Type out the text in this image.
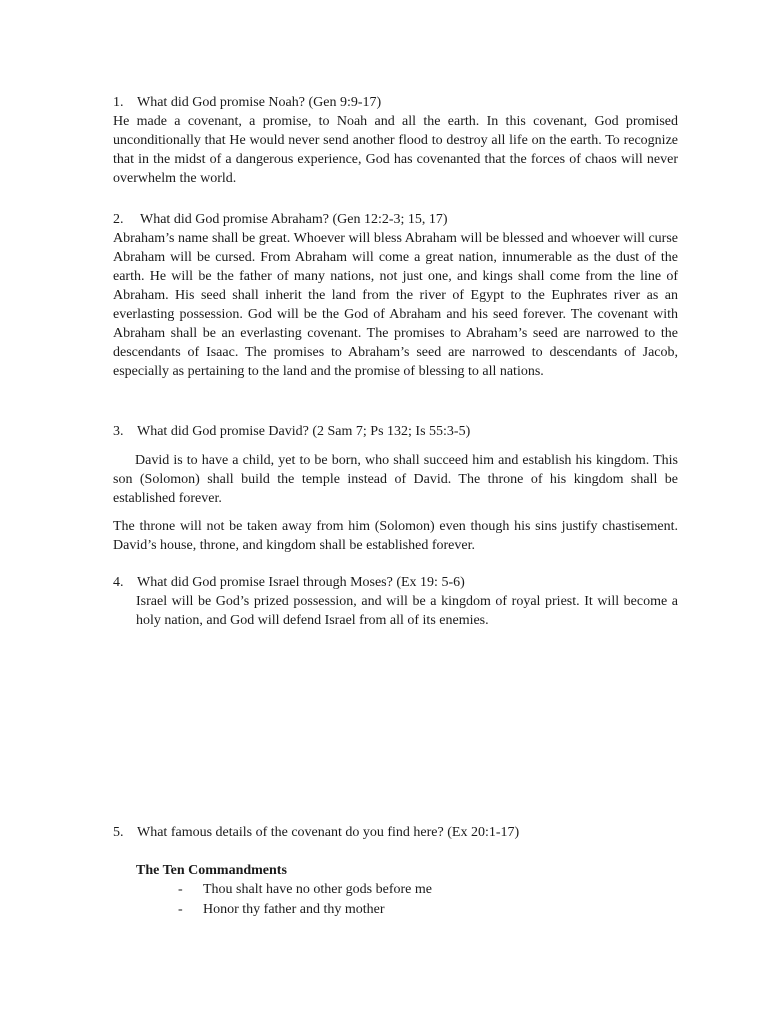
1. What did God promise Noah? (Gen 9:9-17)

He made a covenant, a promise, to Noah and all the earth. In this covenant, God promised unconditionally that He would never send another flood to destroy all life on the earth. To recognize that in the midst of a dangerous experience, God has covenanted that the forces of chaos will never overwhelm the world.

2. What did God promise Abraham? (Gen 12:2-3; 15, 17)

Abraham’s name shall be great. Whoever will bless Abraham will be blessed and whoever will curse Abraham will be cursed. From Abraham will come a great nation, innumerable as the dust of the earth. He will be the father of many nations, not just one, and kings shall come from the line of Abraham. His seed shall inherit the land from the river of Egypt to the Euphrates river as an everlasting possession. God will be the God of Abraham and his seed forever. The covenant with Abraham shall be an everlasting covenant. The promises to Abraham’s seed are narrowed to the descendants of Isaac. The promises to Abraham’s seed are narrowed to descendants of Jacob, especially as pertaining to the land and the promise of blessing to all nations.

3. What did God promise David? (2 Sam 7; Ps 132; Is 55:3-5)

David is to have a child, yet to be born, who shall succeed him and establish his kingdom. This son (Solomon) shall build the temple instead of David. The throne of his kingdom shall be established forever.

The throne will not be taken away from him (Solomon) even though his sins justify chastisement. David’s house, throne, and kingdom shall be established forever.

4. What did God promise Israel through Moses? (Ex 19: 5-6)

Israel will be God’s prized possession, and will be a kingdom of royal priest. It will become a holy nation, and God will defend Israel from all of its enemies.

5. What famous details of the covenant do you find here? (Ex 20:1-17)
The Ten Commandments
- Thou shalt have no other gods before me
- Honor thy father and thy mother
